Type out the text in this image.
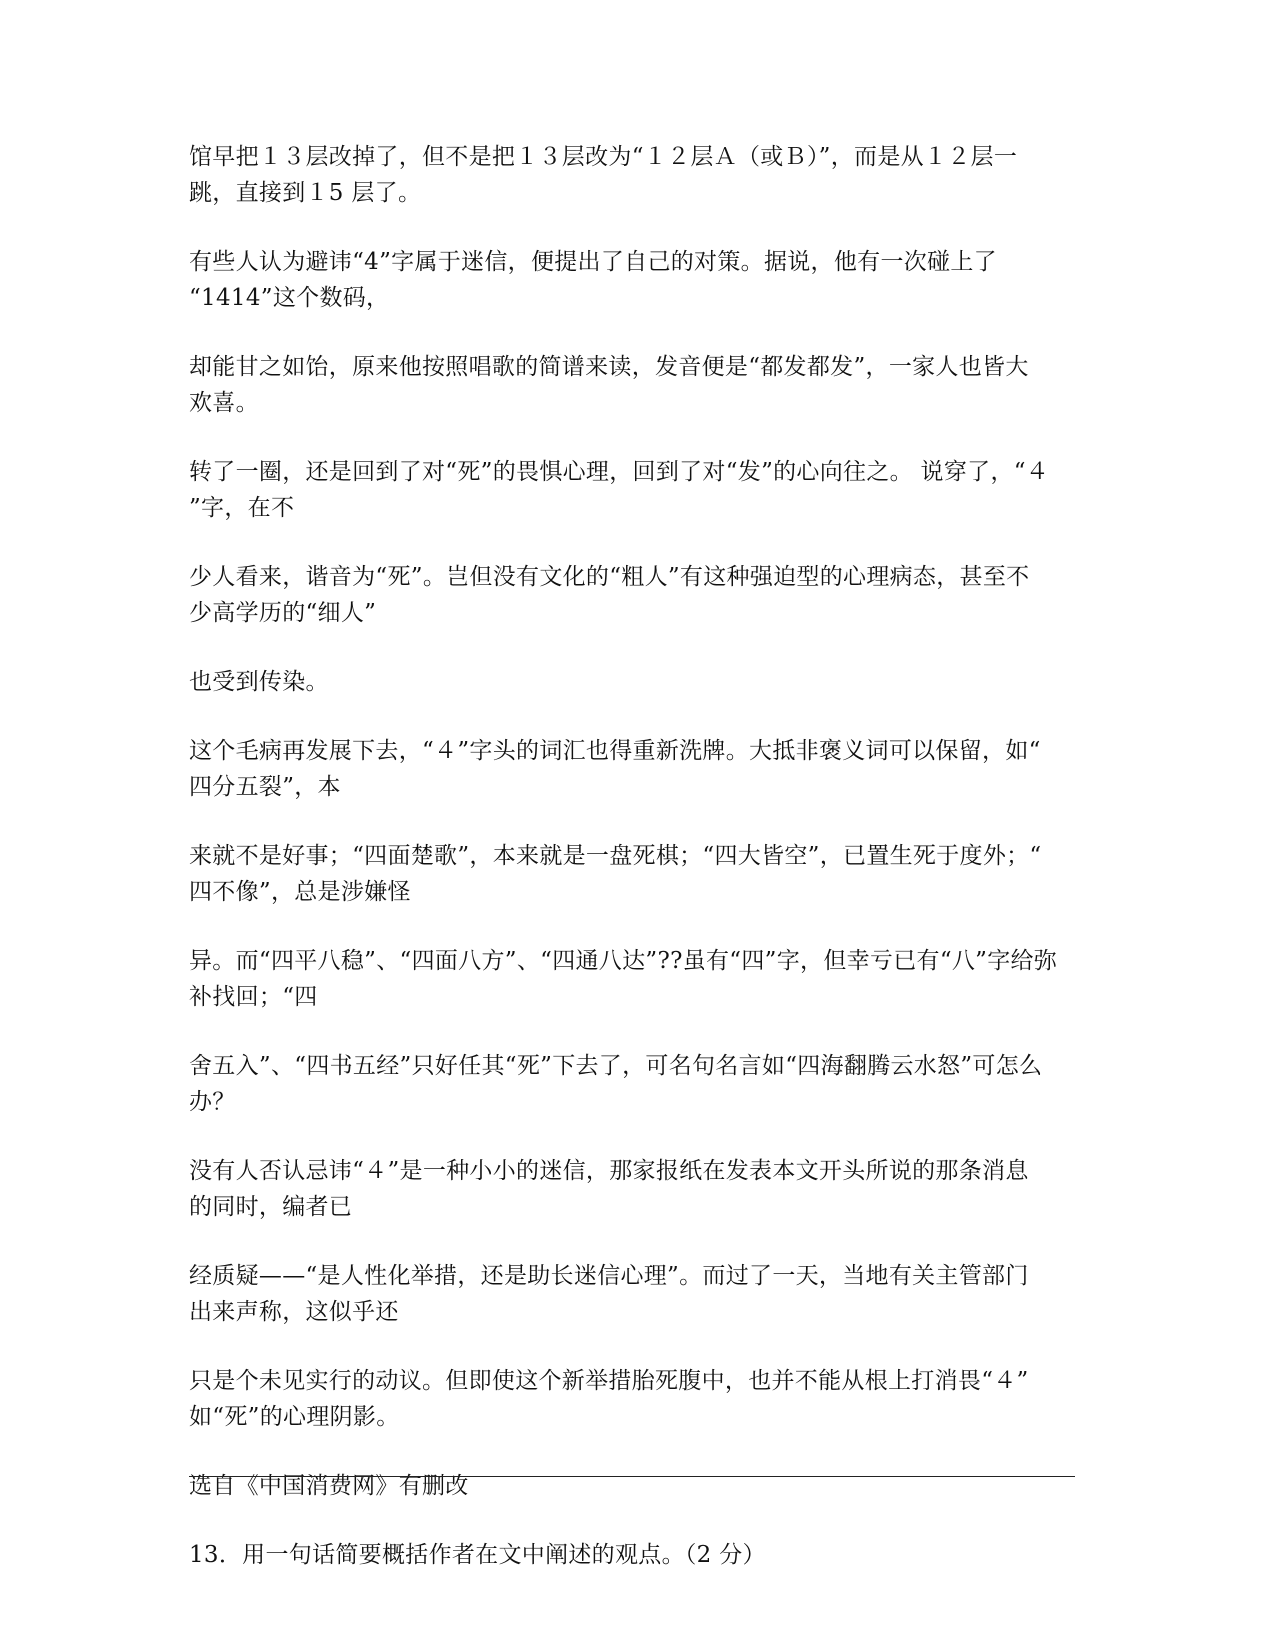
馆早把１３层改掉了，但不是把１３层改为“１２层Ａ（或Ｂ）”，而是从１２层一
跳，直接到１5 层了。

有些人认为避讳“4”字属于迷信，便提出了自己的对策。据说，他有一次碰上了
“1414”这个数码，

却能甘之如饴，原来他按照唱歌的简谱来读，发音便是“都发都发”，一家人也皆大
欢喜。

转了一圈，还是回到了对“死”的畏惧心理，回到了对“发”的心向往之。 说穿了，“４
”字，在不

少人看来，谐音为“死”。岂但没有文化的“粗人”有这种强迫型的心理病态，甚至不
少高学历的“细人”

也受到传染。

这个毛病再发展下去，“４”字头的词汇也得重新洗牌。大抵非褒义词可以保留，如“
四分五裂”，本

来就不是好事；“四面楚歌”，本来就是一盘死棋；“四大皆空”，已置生死于度外；“
四不像”，总是涉嫌怪

异。而“四平八稳”、“四面八方”、“四通八达”??虽有“四”字，但幸亏已有“八”字给弥
补找回；“四

舍五入”、“四书五经”只好任其“死”下去了，可名句名言如“四海翻腾云水怒”可怎么
办？

没有人否认忌讳“４”是一种小小的迷信，那家报纸在发表本文开头所说的那条消息
的同时，编者已

经质疑——“是人性化举措，还是助长迷信心理”。而过了一天，当地有关主管部门
出来声称，这似乎还

只是个未见实行的动议。但即使这个新举措胎死腹中，也并不能从根上打消畏“４”
如“死”的心理阴影。

选自《中国消费网》有删改

13．用一句话简要概括作者在文中阐述的观点。（2 分）
